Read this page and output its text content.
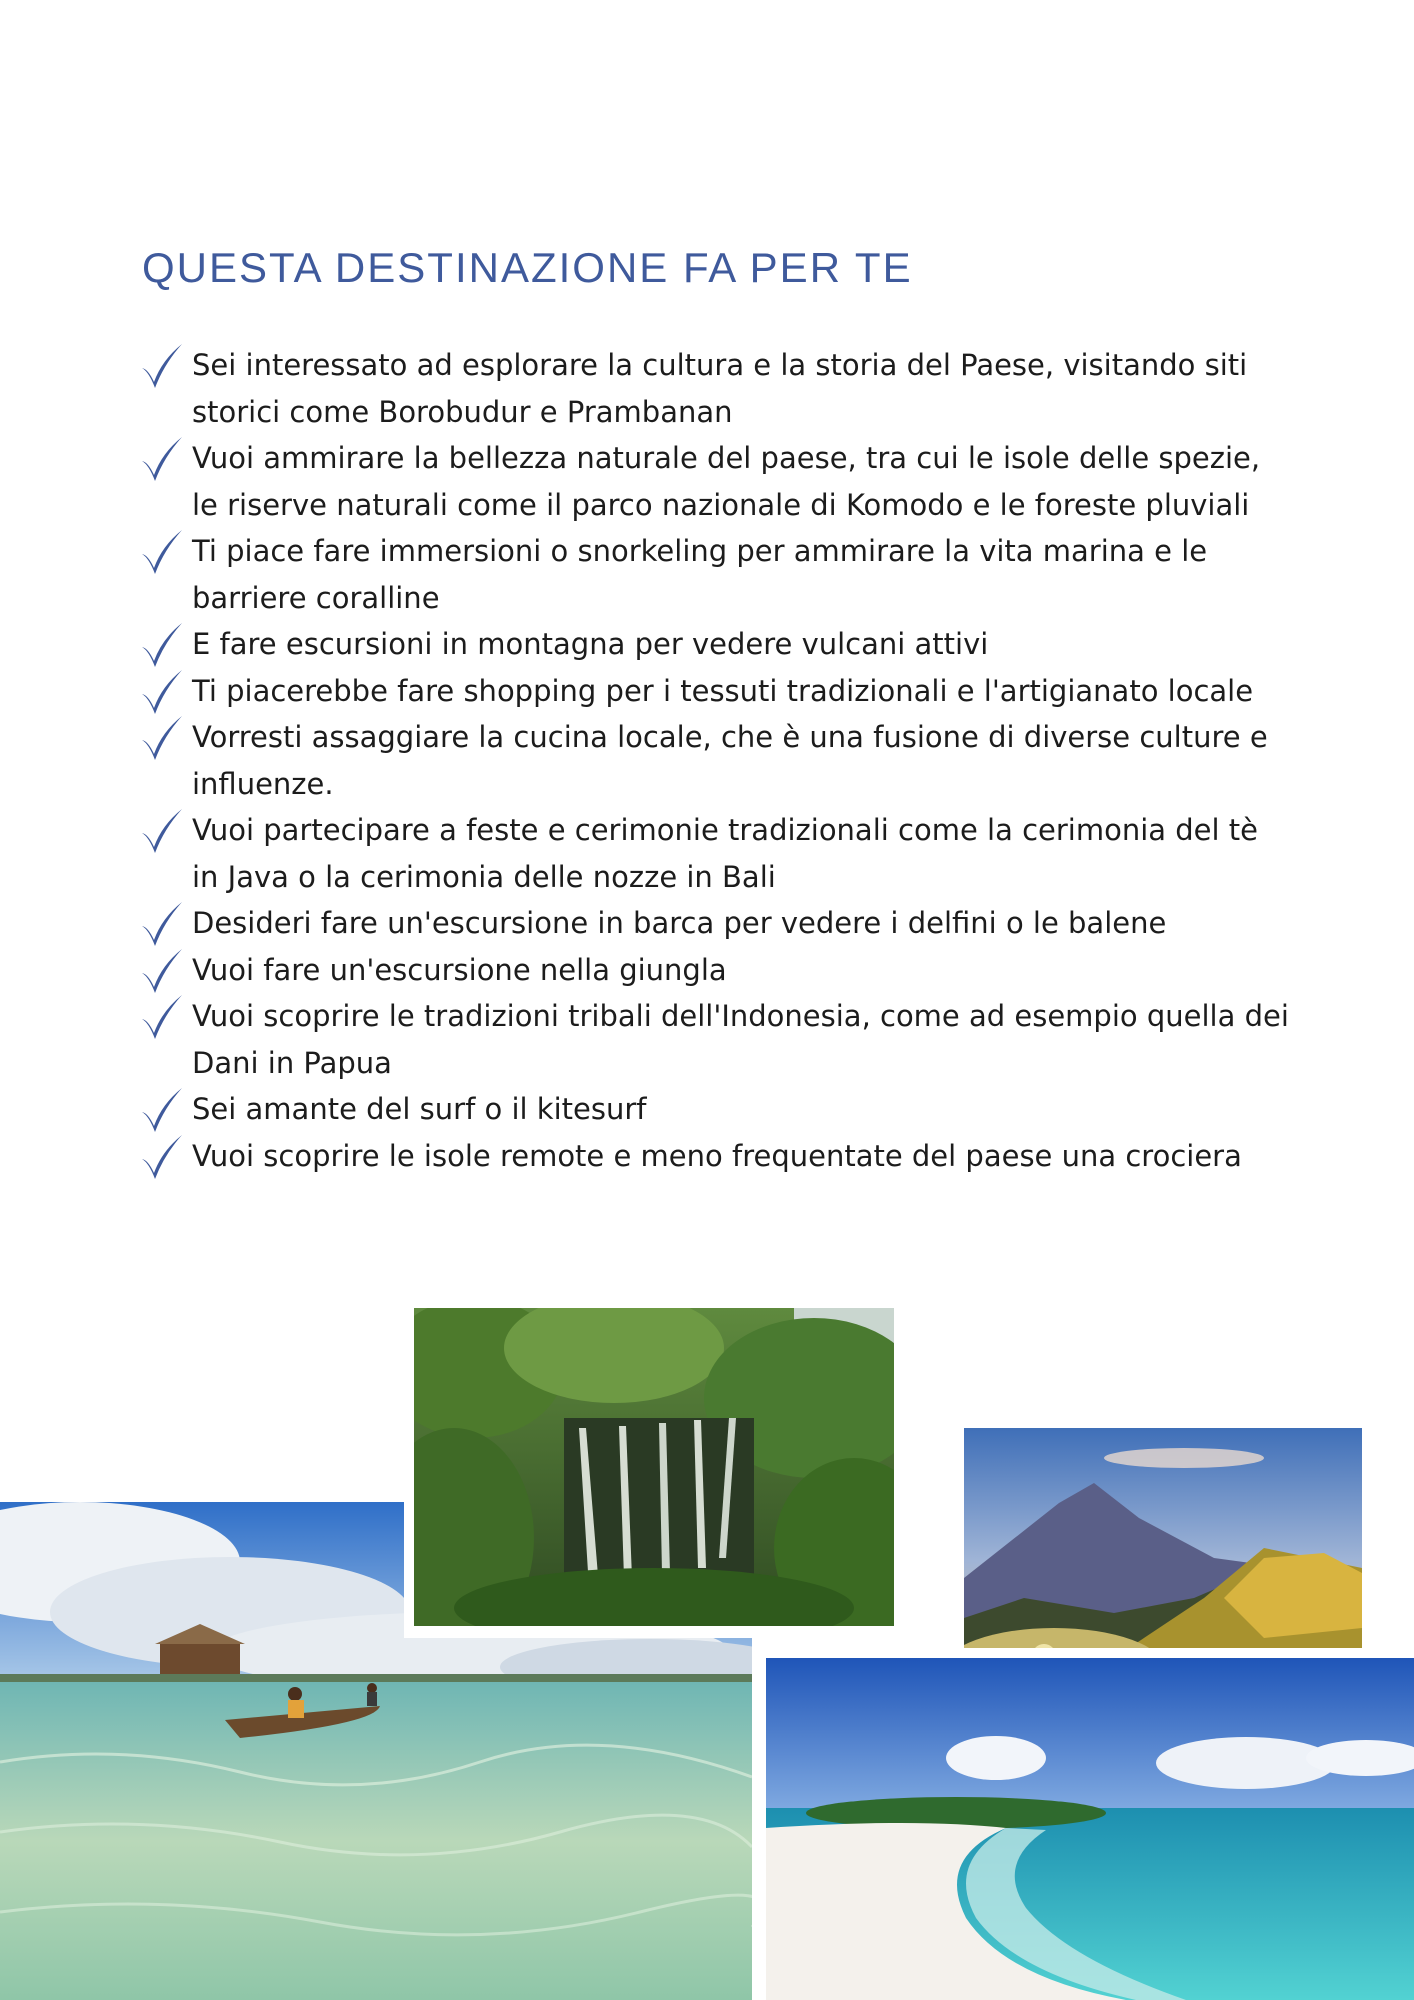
QUESTA DESTINAZIONE FA PER TE
Sei interessato ad esplorare la cultura e la storia del Paese, visitando siti storici come Borobudur e Prambanan
Vuoi ammirare la bellezza naturale del paese, tra cui le isole delle spezie, le riserve naturali come il parco nazionale di Komodo e le foreste pluviali
Ti piace fare immersioni o snorkeling per ammirare la vita marina e le barriere coralline
E fare escursioni in montagna per vedere vulcani attivi
Ti piacerebbe fare shopping per i tessuti tradizionali e l'artigianato locale
Vorresti assaggiare la cucina locale, che è una fusione di diverse culture e influenze.
Vuoi partecipare a feste e cerimonie tradizionali come la cerimonia del tè in Java o la cerimonia delle nozze in Bali
Desideri fare un'escursione in barca per vedere i delfini o le balene
Vuoi fare un'escursione nella giungla
Vuoi scoprire le tradizioni tribali dell'Indonesia, come ad esempio quella dei Dani in Papua
Sei amante del surf o il kitesurf
Vuoi scoprire le isole remote e meno frequentate del paese una crociera
